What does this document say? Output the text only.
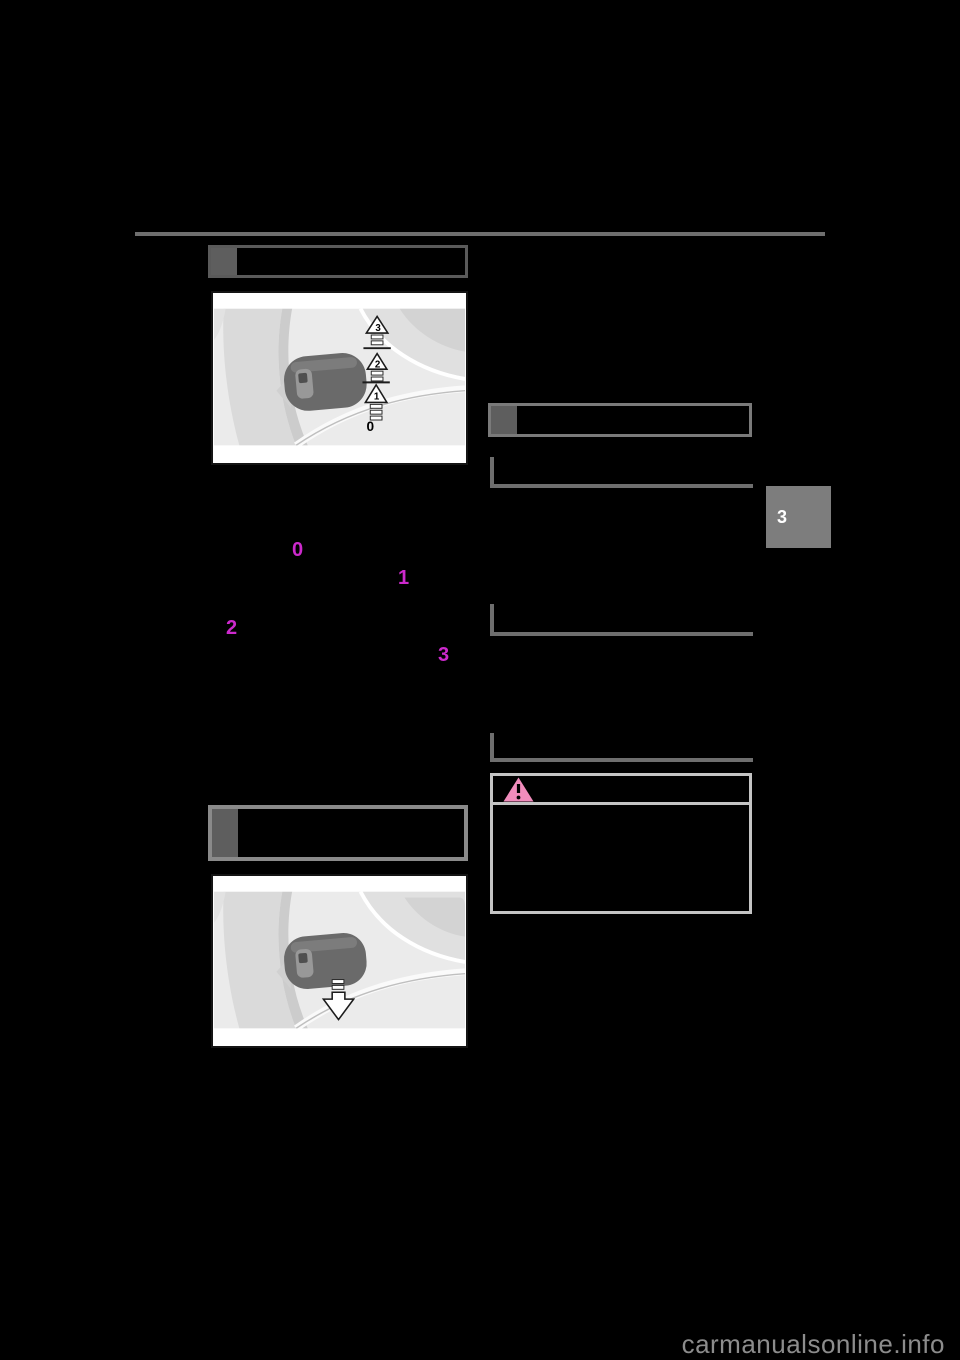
3
2
1
0
0
1
2
3
3
carmanualsonline.info
